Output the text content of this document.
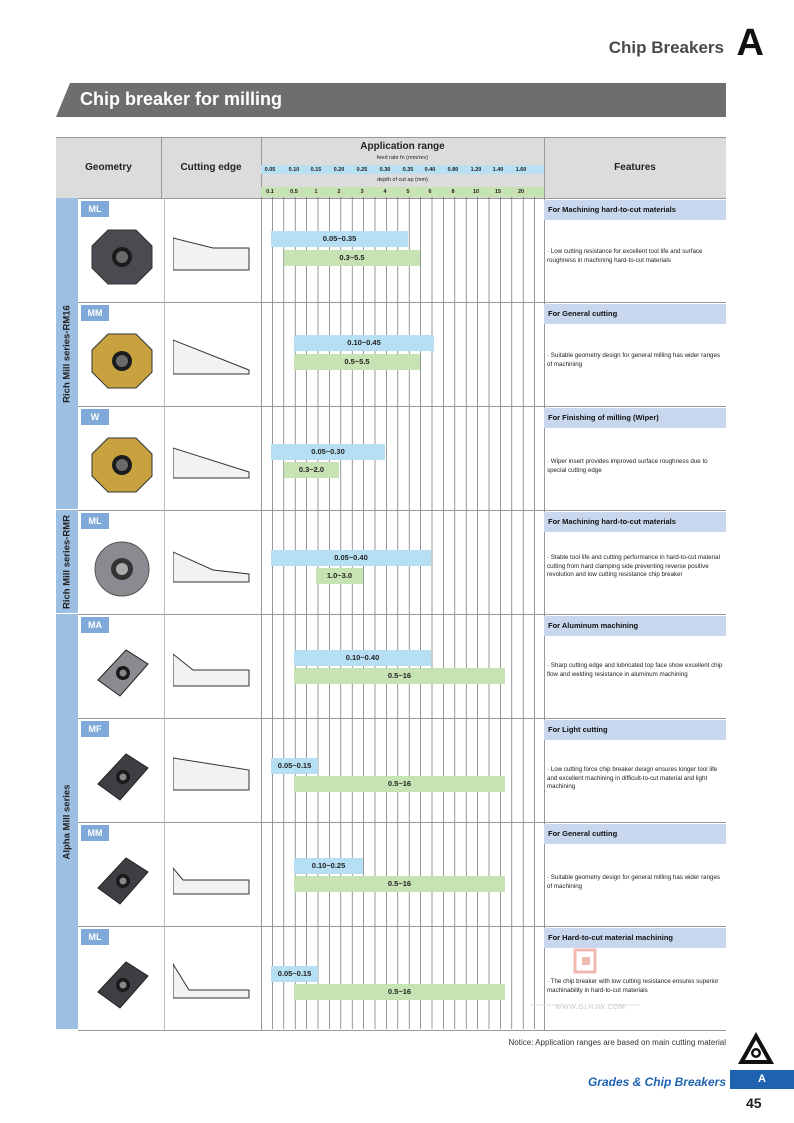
Chip Breakers A
Chip breaker for milling
Geometry	Cutting edge
Application range
feed rate fn (mm/rev)
depth of cut ap (mm)
Features
0.05 0.10 0.15 0.20 0.25 0.30 0.35 0.40 0.80 1.20 1.40 1.60
0.1	0.5	1	2	3	4	5	6	8	10	15	20
Rich Mill series-RM16
Rich Mill series-RMR
Alpha Mill series
ML	For Machining hard-to-cut materials
· Low cutting resistance for excellent tool life and surface roughness in machining hard-to-cut materials
0.05~0.35
0.3~5.5
MM	For General cutting
· Suitable geometry design for general milling has wider ranges of machining
0.10~0.45
0.5~5.5
W	For Finishing of milling (Wiper)
· Wiper insert provides improved surface roughness due to special cutting edge
0.05~0.30
0.3~2.0
ML	For Machining hard-to-cut materials
· Stable tool life and cutting performance in hard-to-cut material cutting from hard clamping side preventing reverse positive revolution and low cutting resistance chip breaker
0.05~0.40
1.0~3.0
MA	For Aluminum machining
· Sharp cutting edge and lubricated top face show excellent chip flow and welding resistance in aluminum machining
0.10~0.40
0.5~16
MF	For Light cutting
· Low cutting force chip breaker design ensures longer tool life and excellent machining in difficult-to-cut material and light machining
0.05~0.15
0.5~16
MM	For General cutting
· Suitable geometry design for general milling has wider ranges of machining
0.10~0.25
0.5~16
ML	For Hard-to-cut material machining
· The chip breaker with low cutting resistance ensures superior machinability in hard-to-cut materials
0.05~0.15
0.5~16
WWW.GLRJW.COM
Notice: Application ranges are based on main cutting material
Grades & Chip Breakers	A
45
